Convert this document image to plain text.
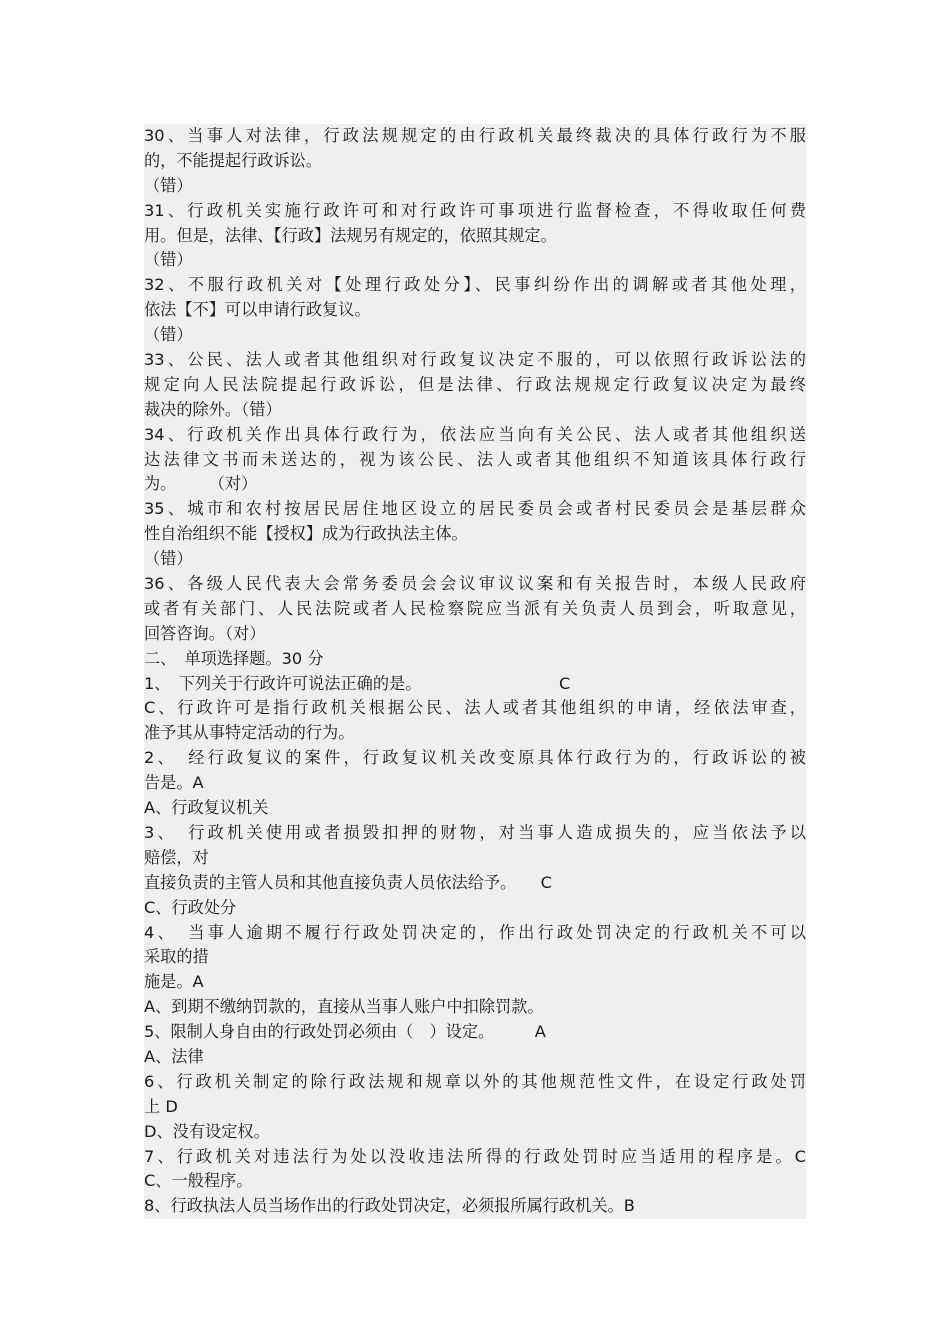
30、当事人对法律，行政法规规定的由行政机关最终裁决的具体行政行为不服
的，不能提起行政诉讼。
（错）
31、行政机关实施行政许可和对行政许可事项进行监督检查，不得收取任何费
用。但是，法律、【行政】法规另有规定的，依照其规定。
（错）
32、不服行政机关对【处理行政处分】、民事纠纷作出的调解或者其他处理，
依法【不】可以申请行政复议。
（错）
33、公民、法人或者其他组织对行政复议决定不服的，可以依照行政诉讼法的
规定向人民法院提起行政诉讼，但是法律、行政法规规定行政复议决定为最终
裁决的除外。（错）
34、行政机关作出具体行政行为，依法应当向有关公民、法人或者其他组织送
达法律文书而未送达的，视为该公民、法人或者其他组织不知道该具体行政行
为。　　　（对）
35、城市和农村按居民居住地区设立的居民委员会或者村民委员会是基层群众
性自治组织不能【授权】成为行政执法主体。
（错）
36、各级人民代表大会常务委员会会议审议议案和有关报告时，本级人民政府
或者有关部门、人民法院或者人民检察院应当派有关负责人员到会，听取意见，
回答咨询。（对）
二、　单项选择题。30 分
1、　下列关于行政许可说法正确的是。　　　　　　　　　C
C、行政许可是指行政机关根据公民、法人或者其他组织的申请，经依法审查，
准予其从事特定活动的行为。
2、　经行政复议的案件，行政复议机关改变原具体行政行为的，行政诉讼的被
告是。A
A、行政复议机关
3、　行政机关使用或者损毁扣押的财物，对当事人造成损失的，应当依法予以
赔偿，对
直接负责的主管人员和其他直接负责人员依法给予。　　C
C、行政处分
4、　当事人逾期不履行行政处罚决定的，作出行政处罚决定的行政机关不可以
采取的措
施是。A
A、到期不缴纳罚款的，直接从当事人账户中扣除罚款。
5、限制人身自由的行政处罚必须由（　）设定。　　　A
A、法律
6、行政机关制定的除行政法规和规章以外的其他规范性文件，在设定行政处罚
上 D
D、没有设定权。
7、行政机关对违法行为处以没收违法所得的行政处罚时应当适用的程序是。C
C、一般程序。
8、行政执法人员当场作出的行政处罚决定，必须报所属行政机关。B
